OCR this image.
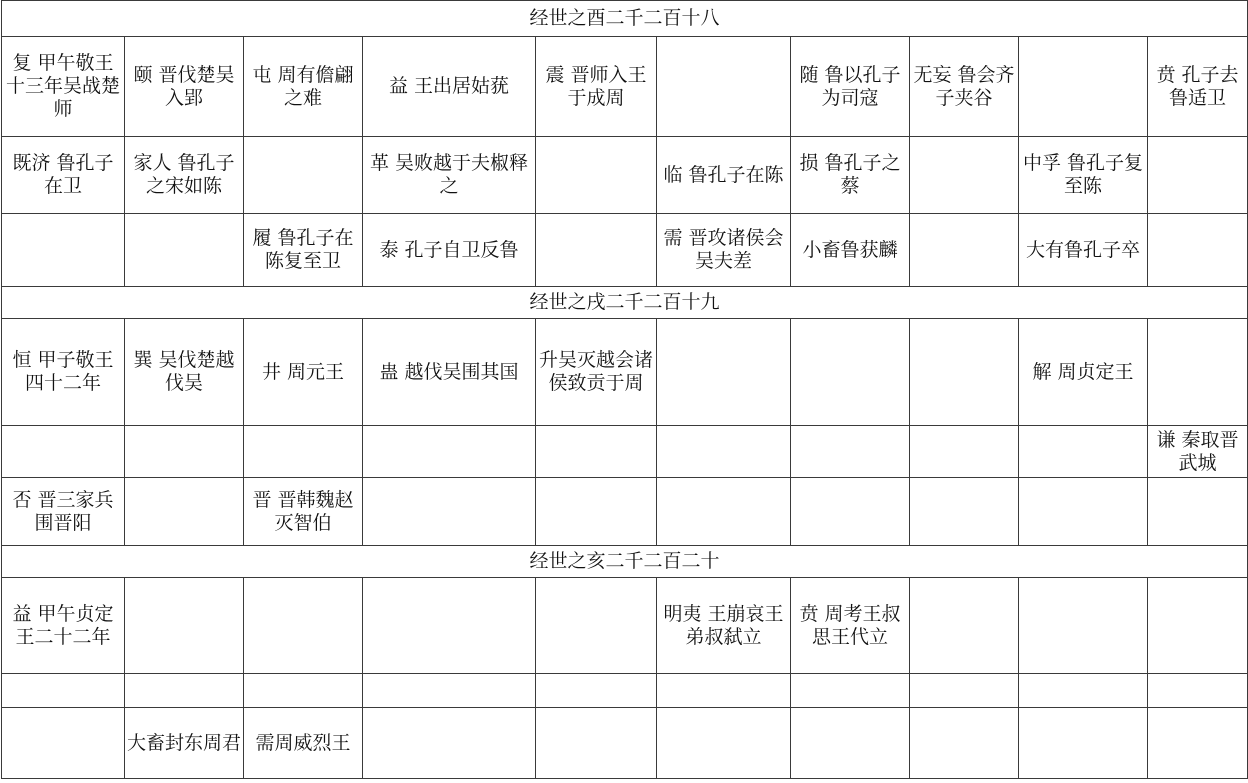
经世之酉二千二百十八									
复 甲午敬王十三年吴战楚师	颐 晋伐楚吴入郢	屯 周有儋翩之难	益 王出居姑莸	震 晋师入王于成周		随 鲁以孔子为司寇	无妄 鲁会齐子夹谷		贲 孔子去鲁适卫
既济 鲁孔子在卫	家人 鲁孔子之宋如陈		革 吴败越于夫椒释之		临 鲁孔子在陈	损 鲁孔子之蔡		中孚 鲁孔子复至陈	
		履 鲁孔子在陈复至卫	泰 孔子自卫反鲁		需 晋攻诸侯会吴夫差	小畜鲁获麟		大有鲁孔子卒	
经世之戌二千二百十九									
恒 甲子敬王四十二年	巽 吴伐楚越伐吴	井 周元王	蛊 越伐吴围其国	升吴灭越会诸侯致贡于周				解 周贞定王	
									谦 秦取晋武城
否 晋三家兵围晋阳		晋 晋韩魏赵灭智伯							
经世之亥二千二百二十									
益 甲午贞定王二十二年					明夷 王崩哀王弟叔弑立	贲 周考王叔思王代立			

	大畜封东周君	需周威烈王							
